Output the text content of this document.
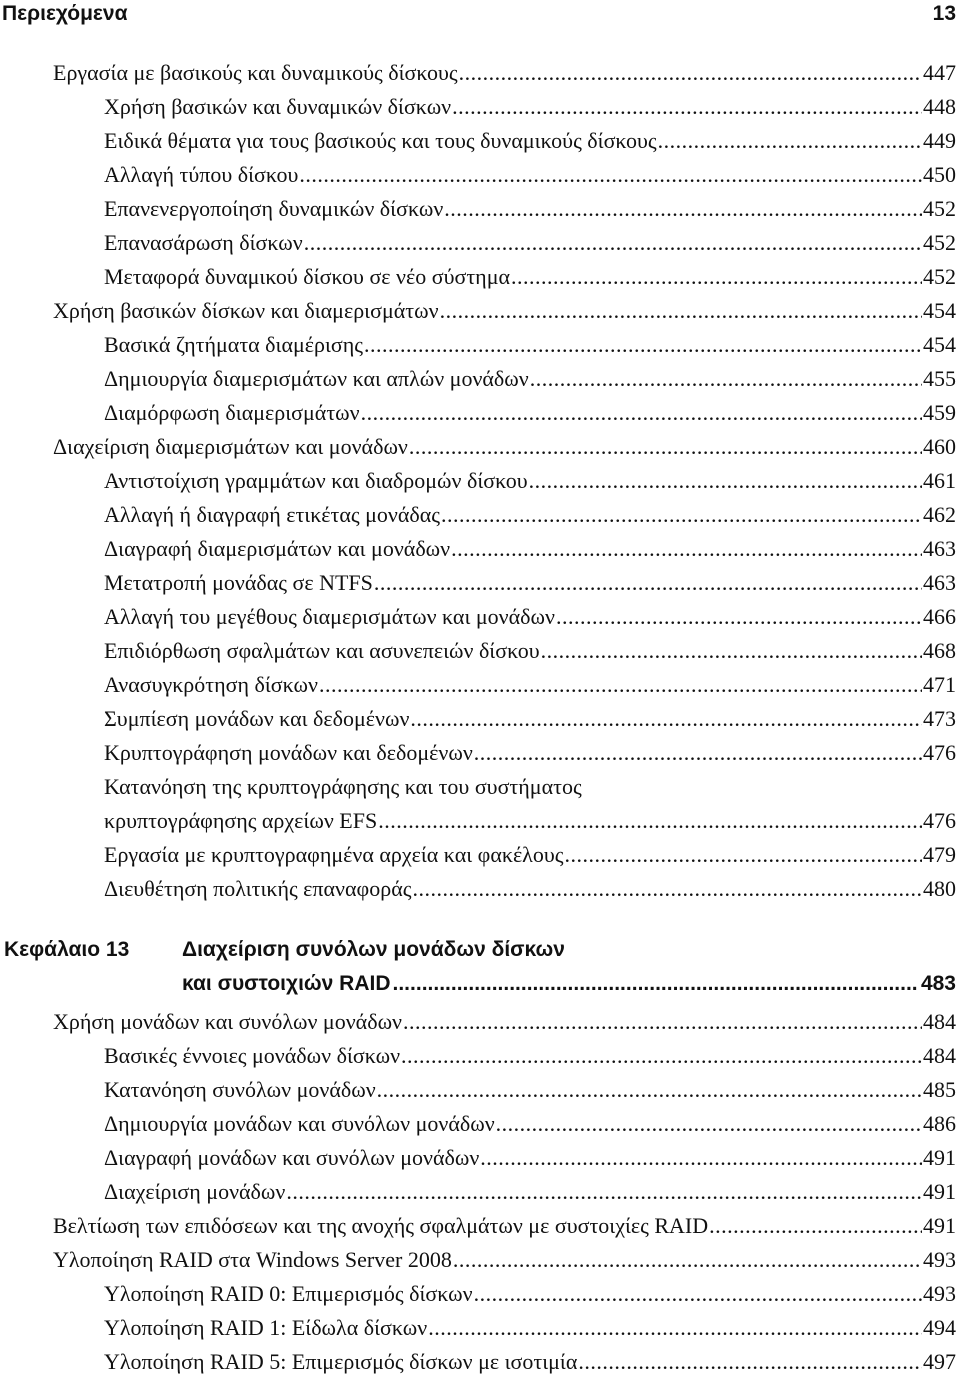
Περιεχόμενα	13
Εργασία με βασικούς και δυναμικούς δίσκους .....	447
Χρήση βασικών και δυναμικών δίσκων .....	448
Ειδικά θέματα για τους βασικούς και τους δυναμικούς δίσκους .....	449
Αλλαγή τύπου δίσκου .....	450
Επανενεργοποίηση δυναμικών δίσκων .....	452
Επανασάρωση δίσκων .....	452
Μεταφορά δυναμικού δίσκου σε νέο σύστημα .....	452
Χρήση βασικών δίσκων και διαμερισμάτων .....	454
Βασικά ζητήματα διαμέρισης .....	454
Δημιουργία διαμερισμάτων και απλών μονάδων .....	455
Διαμόρφωση διαμερισμάτων .....	459
Διαχείριση διαμερισμάτων και μονάδων .....	460
Αντιστοίχιση γραμμάτων και διαδρομών δίσκου .....	461
Αλλαγή ή διαγραφή ετικέτας μονάδας .....	462
Διαγραφή διαμερισμάτων και μονάδων .....	463
Μετατροπή μονάδας σε NTFS .....	463
Αλλαγή του μεγέθους διαμερισμάτων και μονάδων .....	466
Επιδιόρθωση σφαλμάτων και ασυνεπειών δίσκου .....	468
Ανασυγκρότηση δίσκων .....	471
Συμπίεση μονάδων και δεδομένων .....	473
Κρυπτογράφηση μονάδων και δεδομένων .....	476
Κατανόηση της κρυπτογράφησης και του συστήματος
κρυπτογράφησης αρχείων EFS .....	476
Εργασία με κρυπτογραφημένα αρχεία και φακέλους .....	479
Διευθέτηση πολιτικής επαναφοράς .....	480
Κεφάλαιο 13	Διαχείριση συνόλων μονάδων δίσκων
και συστοιχιών RAID .....	483
Χρήση μονάδων και συνόλων μονάδων .....	484
Βασικές έννοιες μονάδων δίσκων .....	484
Κατανόηση συνόλων μονάδων .....	485
Δημιουργία μονάδων και συνόλων μονάδων .....	486
Διαγραφή μονάδων και συνόλων μονάδων .....	491
Διαχείριση μονάδων .....	491
Βελτίωση των επιδόσεων και της ανοχής σφαλμάτων με συστοιχίες RAID .....	491
Υλοποίηση RAID στα Windows Server 2008 .....	493
Υλοποίηση RAID 0: Επιμερισμός δίσκων .....	493
Υλοποίηση RAID 1: Είδωλα δίσκων .....	494
Υλοποίηση RAID 5: Επιμερισμός δίσκων με ισοτιμία .....	497
